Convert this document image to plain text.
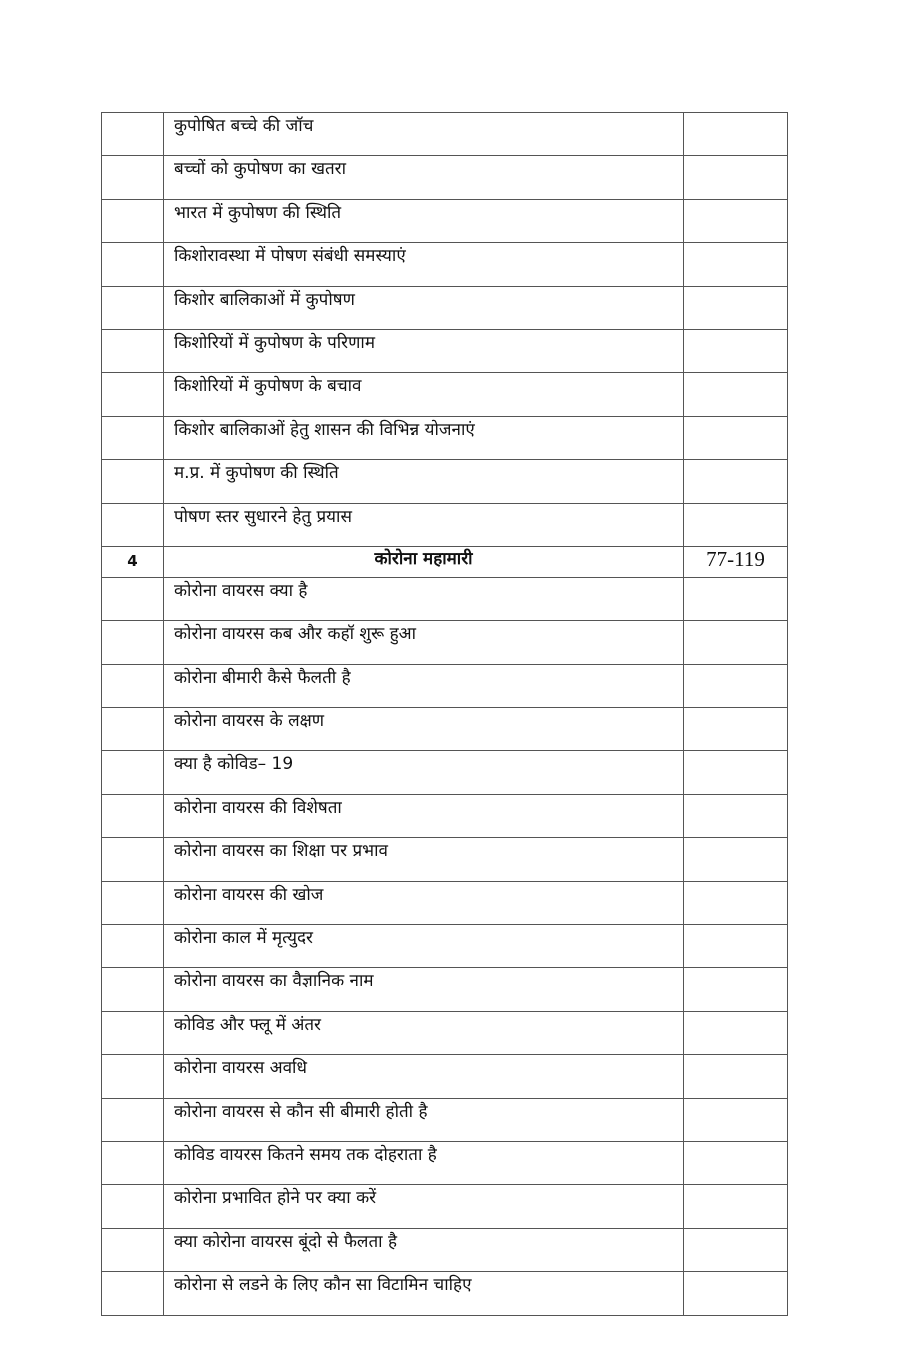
	कुपोषित बच्चे की जॉच	
	बच्चों को कुपोषण का खतरा	
	भारत में कुपोषण की स्थिति	
	किशोरावस्था में पोषण संबंधी समस्याएं	
	किशोर बालिकाओं में कुपोषण	
	किशोरियों में कुपोषण के परिणाम	
	किशोरियों में कुपोषण के बचाव	
	किशोर बालिकाओं हेतु शासन की विभिन्न योजनाएं	
	म.प्र. में कुपोषण की स्थिति	
	पोषण स्तर सुधारने हेतु प्रयास	
4	कोरोना महामारी	77-119
	कोरोना वायरस क्या है	
	कोरोना वायरस कब और कहॉ शुरू हुआ	
	कोरोना बीमारी कैसे फैलती है	
	कोरोना वायरस के लक्षण	
	क्या है कोविड– 19	
	कोरोना वायरस की विशेषता	
	कोरोना वायरस का शिक्षा पर प्रभाव	
	कोरोना वायरस की खोज	
	कोरोना काल में मृत्युदर	
	कोरोना वायरस का वैज्ञानिक नाम	
	कोविड और फ्लू में अंतर	
	कोरोना वायरस अवधि	
	कोरोना वायरस से कौन सी बीमारी होती है	
	कोविड वायरस कितने समय तक दोहराता है	
	कोरोना प्रभावित होने पर क्या करें	
	क्या कोरोना वायरस बूंदो से फैलता है	
	कोरोना से लडने के लिए कौन सा विटामिन चाहिए	
